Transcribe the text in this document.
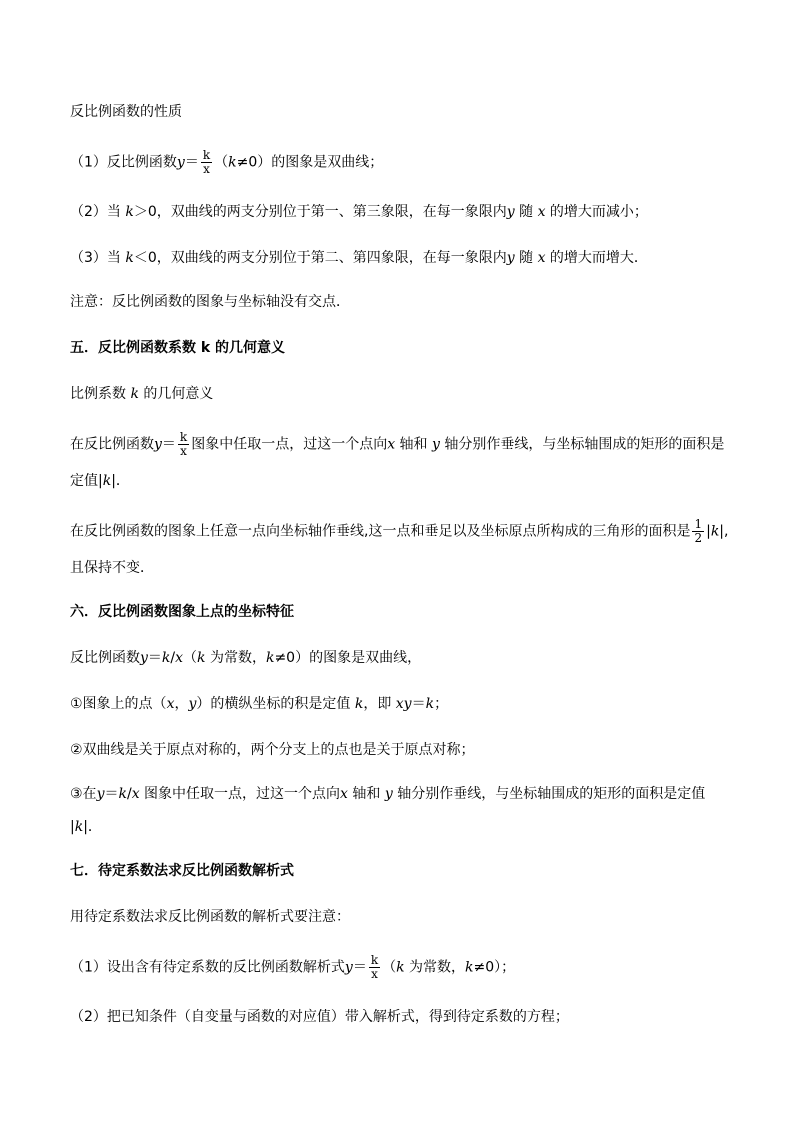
反比例函数的性质
（1）反比例函数$y= \frac{k}{x} (k\ne 0)$的图象是双曲线；
（2）当 k＞0，双曲线的两支分别位于第一、第三象限，在每一象限内y 随 x 的增大而减小；
（3）当 k＜0，双曲线的两支分别位于第二、第四象限，在每一象限内y 随 x 的增大而增大．
注意：反比例函数的图象与坐标轴没有交点．
五．反比例函数系数 k 的几何意义
比例系数 k 的几何意义
在反比例函数$y= \frac{k}{x}$ 图象中任取一点，过这一个点向x 轴和 y 轴分别作垂线，与坐标轴围成的矩形的面积是
定值|k|．
在反比例函数的图象上任意一点向坐标轴作垂线,这一点和垂足以及坐标原点所构成的三角形的面积是 $\frac{1}{2} |k|$,
且保持不变．
六．反比例函数图象上点的坐标特征
反比例函数y＝k/x（k 为常数，k≠0）的图象是双曲线，
①图象上的点（x，y）的横纵坐标的积是定值 k，即 xy＝k；
②双曲线是关于原点对称的，两个分支上的点也是关于原点对称；
③在y＝k/x 图象中任取一点，过这一个点向x 轴和 y 轴分别作垂线，与坐标轴围成的矩形的面积是定值
|k|．
七．待定系数法求反比例函数解析式
用待定系数法求反比例函数的解析式要注意：
（1）设出含有待定系数的反比例函数解析式$y= \frac{k}{x} (k$ 为常数，k≠0）；
（2）把已知条件（自变量与函数的对应值）带入解析式，得到待定系数的方程；
